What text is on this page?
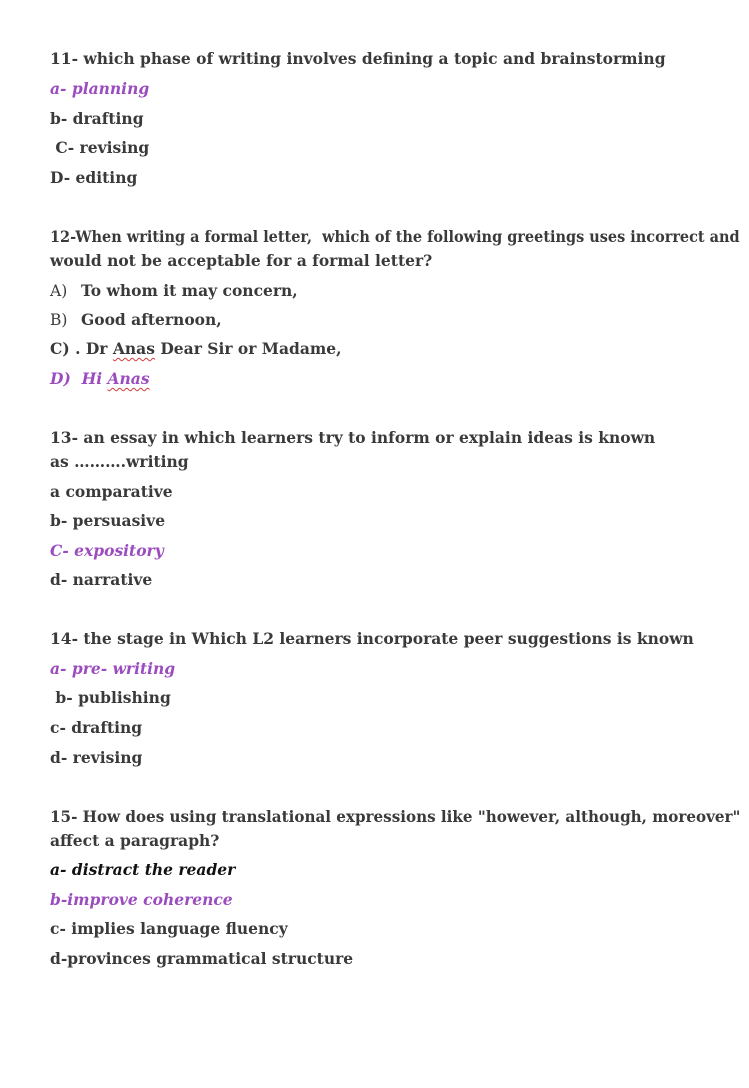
11- which phase of writing involves defining a topic and brainstorming
a- planning
b- drafting
C- revising
D- editing
12-When writing a formal letter,  which of the following greetings uses incorrect and
would not be acceptable for a formal letter?
A) To whom it may concern,
B) Good afternoon,
C) . Dr Anas Dear Sir or Madame,
D)  Hi Anas
13- an essay in which learners try to inform or explain ideas is known
as ……….writing
a comparative
b- persuasive
C- expository
d- narrative
14- the stage in Which L2 learners incorporate peer suggestions is known
a- pre- writing
b- publishing
c- drafting
d- revising
15- How does using translational expressions like "however, although, moreover"
affect a paragraph?
a- distract the reader
b-improve coherence
c- implies language fluency
d-provinces grammatical structure
